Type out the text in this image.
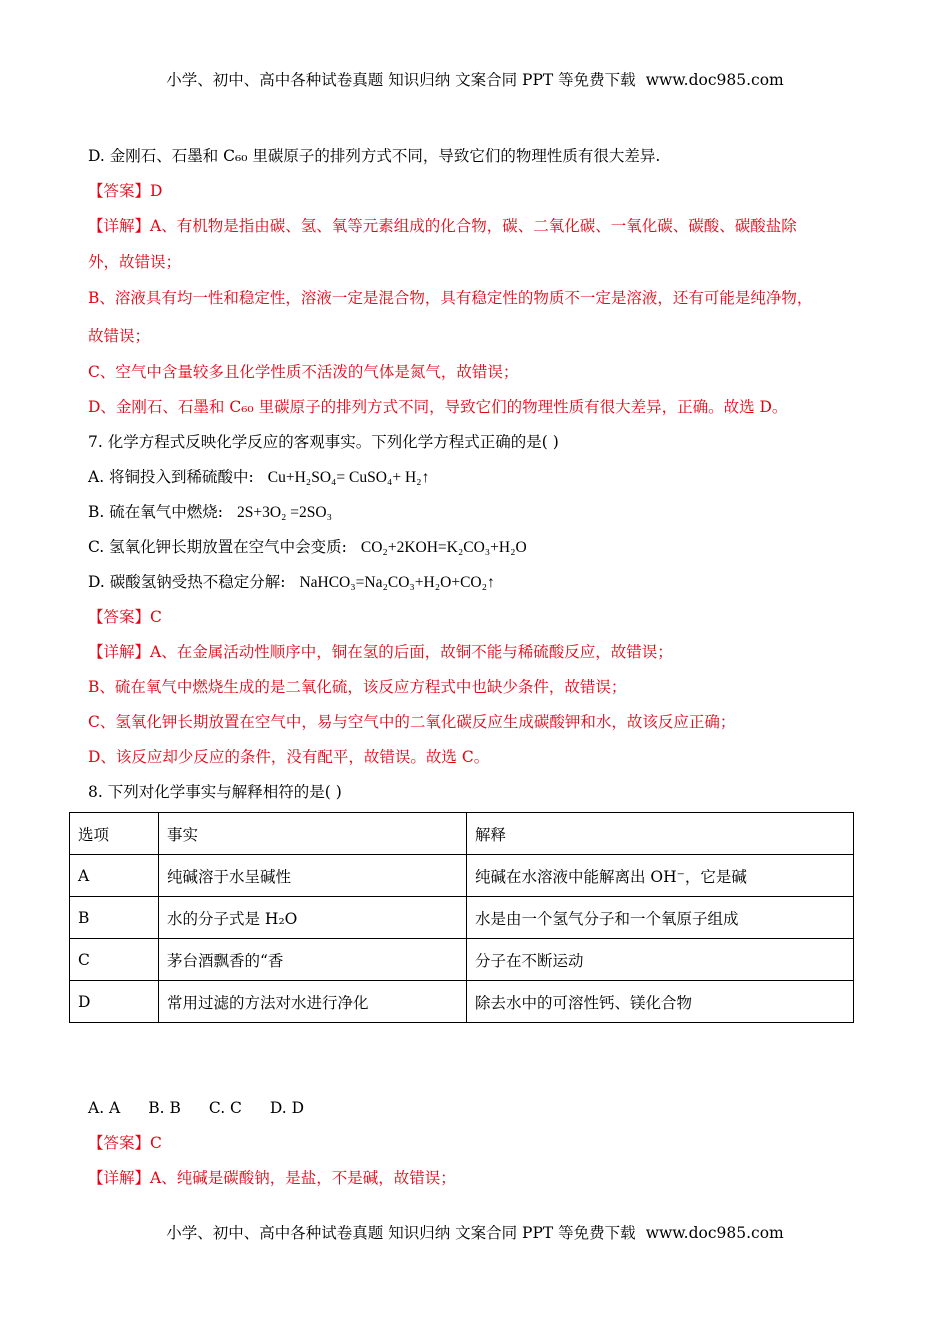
小学、初中、高中各种试卷真题 知识归纳 文案合同 PPT 等免费下载 www.doc985.com
D. 金刚石、石墨和 C₆₀ 里碳原子的排列方式不同，导致它们的物理性质有很大差异.
【答案】D
【详解】A、有机物是指由碳、氢、氧等元素组成的化合物，碳、二氧化碳、一氧化碳、碳酸、碳酸盐除
外，故错误；
B、溶液具有均一性和稳定性，溶液一定是混合物，具有稳定性的物质不一定是溶液，还有可能是纯净物，
故错误；
C、空气中含量较多且化学性质不活泼的气体是氮气，故错误；
D、金刚石、石墨和 C₆₀ 里碳原子的排列方式不同，导致它们的物理性质有很大差异，正确。故选 D。
7. 化学方程式反映化学反应的客观事实。下列化学方程式正确的是( )
A. 将铜投入到稀硫酸中: Cu+H₂SO₄= CuSO₄+ H₂↑
B. 硫在氧气中燃烧: 2S+3O₂ =2SO₃
C. 氢氧化钾长期放置在空气中会变质: CO₂+2KOH=K₂CO₃+H₂O
D. 碳酸氢钠受热不稳定分解: NaHCO₃=Na₂CO₃+H₂O+CO₂↑
【答案】C
【详解】A、在金属活动性顺序中，铜在氢的后面，故铜不能与稀硫酸反应，故错误；
B、硫在氧气中燃烧生成的是二氧化硫，该反应方程式中也缺少条件，故错误；
C、氢氧化钾长期放置在空气中，易与空气中的二氧化碳反应生成碳酸钾和水，故该反应正确；
D、该反应却少反应的条件，没有配平，故错误。故选 C。
8. 下列对化学事实与解释相符的是( )
选项	事实	解释
A	纯碱溶于水呈碱性	纯碱在水溶液中能解离出 OH⁻，它是碱
B	水的分子式是 H₂O	水是由一个氢气分子和一个氧原子组成
C	茅台酒飘香的“香	分子在不断运动
D	常用过滤的方法对水进行净化	除去水中的可溶性钙、镁化合物
A. A B. B C. C D. D
【答案】C
【详解】A、纯碱是碳酸钠，是盐，不是碱，故错误；
小学、初中、高中各种试卷真题 知识归纳 文案合同 PPT 等免费下载 www.doc985.com
